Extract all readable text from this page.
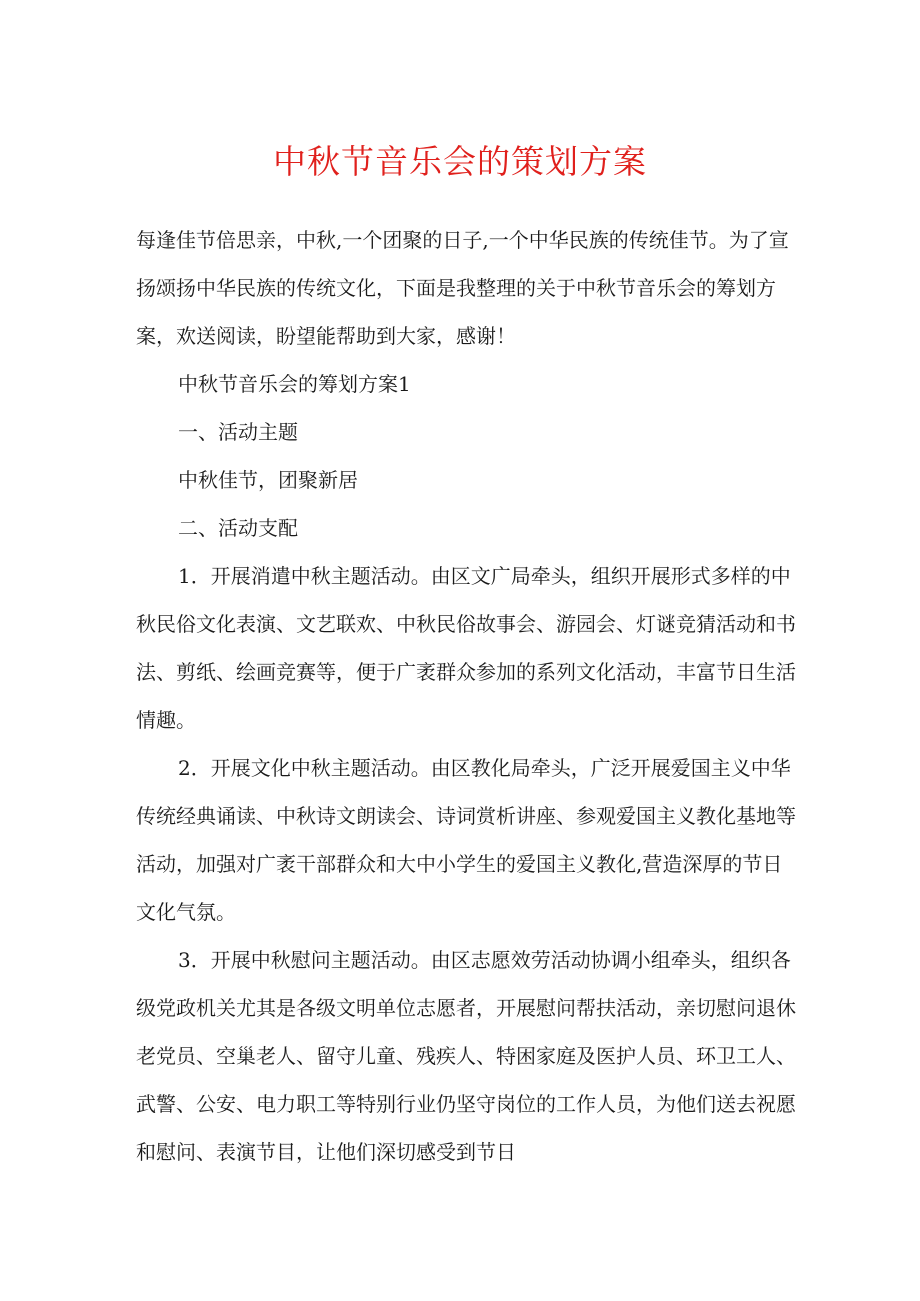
中秋节音乐会的策划方案

每逢佳节倍思亲，中秋,一个团聚的日子,一个中华民族的传统佳节。为了宣扬颂扬中华民族的传统文化，下面是我整理的关于中秋节音乐会的筹划方案，欢送阅读，盼望能帮助到大家，感谢！

中秋节音乐会的筹划方案1

一、活动主题

中秋佳节，团聚新居

二、活动支配

1．开展消遣中秋主题活动。由区文广局牵头，组织开展形式多样的中秋民俗文化表演、文艺联欢、中秋民俗故事会、游园会、灯谜竞猜活动和书法、剪纸、绘画竞赛等，便于广袤群众参加的系列文化活动，丰富节日生活情趣。

2．开展文化中秋主题活动。由区教化局牵头，广泛开展爱国主义中华传统经典诵读、中秋诗文朗读会、诗词赏析讲座、参观爱国主义教化基地等活动，加强对广袤干部群众和大中小学生的爱国主义教化,营造深厚的节日文化气氛。

3．开展中秋慰问主题活动。由区志愿效劳活动协调小组牵头，组织各级党政机关尤其是各级文明单位志愿者，开展慰问帮扶活动，亲切慰问退休老党员、空巢老人、留守儿童、残疾人、特困家庭及医护人员、环卫工人、武警、公安、电力职工等特别行业仍坚守岗位的工作人员，为他们送去祝愿和慰问、表演节目，让他们深切感受到节日
